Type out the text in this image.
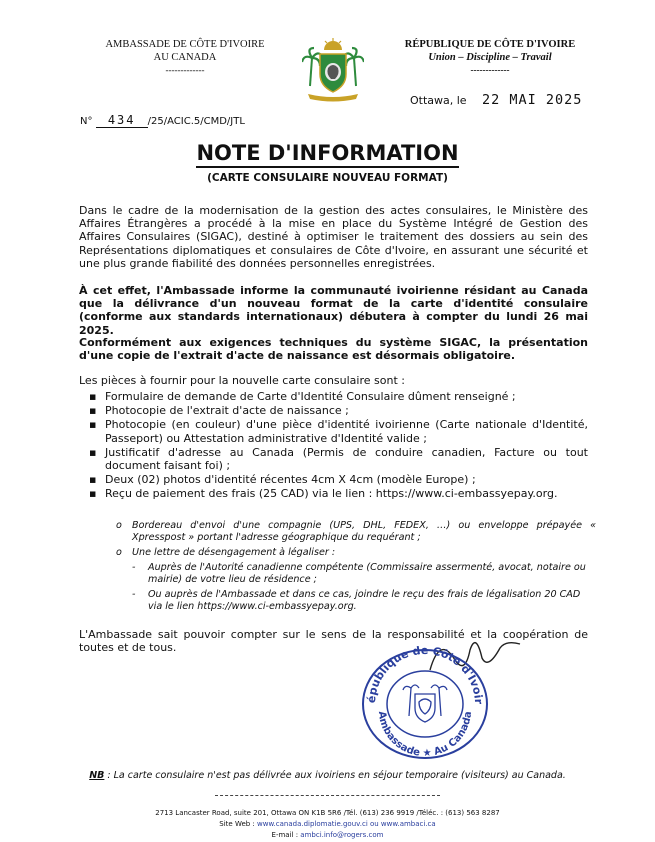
AMBASSADE DE CÔTE D'IVOIRE
AU CANADA
-------------
RÉPUBLIQUE DE CÔTE D'IVOIRE
Union – Discipline – Travail
-------------
Ottawa, le 22 MAI 2025
N° 434 /25/ACIC.5/CMD/JTL
NOTE D'INFORMATION
(CARTE CONSULAIRE NOUVEAU FORMAT)
Dans le cadre de la modernisation de la gestion des actes consulaires, le Ministère des Affaires Étrangères a procédé à la mise en place du Système Intégré de Gestion des Affaires Consulaires (SIGAC), destiné à optimiser le traitement des dossiers au sein des Représentations diplomatiques et consulaires de Côte d'Ivoire, en assurant une sécurité et une plus grande fiabilité des données personnelles enregistrées.
À cet effet, l'Ambassade informe la communauté ivoirienne résidant au Canada que la délivrance d'un nouveau format de la carte d'identité consulaire (conforme aux standards internationaux) débutera à compter du lundi 26 mai 2025.
Conformément aux exigences techniques du système SIGAC, la présentation d'une copie de l'extrait d'acte de naissance est désormais obligatoire.
Les pièces à fournir pour la nouvelle carte consulaire sont :
▪ Formulaire de demande de Carte d'Identité Consulaire dûment renseigné ;
▪ Photocopie de l'extrait d'acte de naissance ;
▪ Photocopie (en couleur) d'une pièce d'identité ivoirienne (Carte nationale d'Identité, Passeport) ou Attestation administrative d'Identité valide ;
▪ Justificatif d'adresse au Canada (Permis de conduire canadien, Facture ou tout document faisant foi) ;
▪ Deux (02) photos d'identité récentes 4cm X 4cm (modèle Europe) ;
▪ Reçu de paiement des frais (25 CAD) via le lien : https://www.ci-embassyepay.org.
o Bordereau d'envoi d'une compagnie (UPS, DHL, FEDEX, …) ou enveloppe prépayée « Xpresspost » portant l'adresse géographique du requérant ;
o Une lettre de désengagement à légaliser :
- Auprès de l'Autorité canadienne compétente (Commissaire assermenté, avocat, notaire ou mairie) de votre lieu de résidence ;
- Ou auprès de l'Ambassade et dans ce cas, joindre le reçu des frais de légalisation 20 CAD via le lien https://www.ci-embassyepay.org.
L'Ambassade sait pouvoir compter sur le sens de la responsabilité et la coopération de toutes et de tous.
épublique de Côte d'Ivoir
Ambassade ★ Au Canada
NB : La carte consulaire n'est pas délivrée aux ivoiriens en séjour temporaire (visiteurs) au Canada.
2713 Lancaster Road, suite 201, Ottawa ON K1B 5R6 /Tél. (613) 236 9919 /Téléc. : (613) 563 8287
Site Web : www.canada.diplomatie.gouv.ci ou www.ambaci.ca
E-mail : ambci.info@rogers.com
